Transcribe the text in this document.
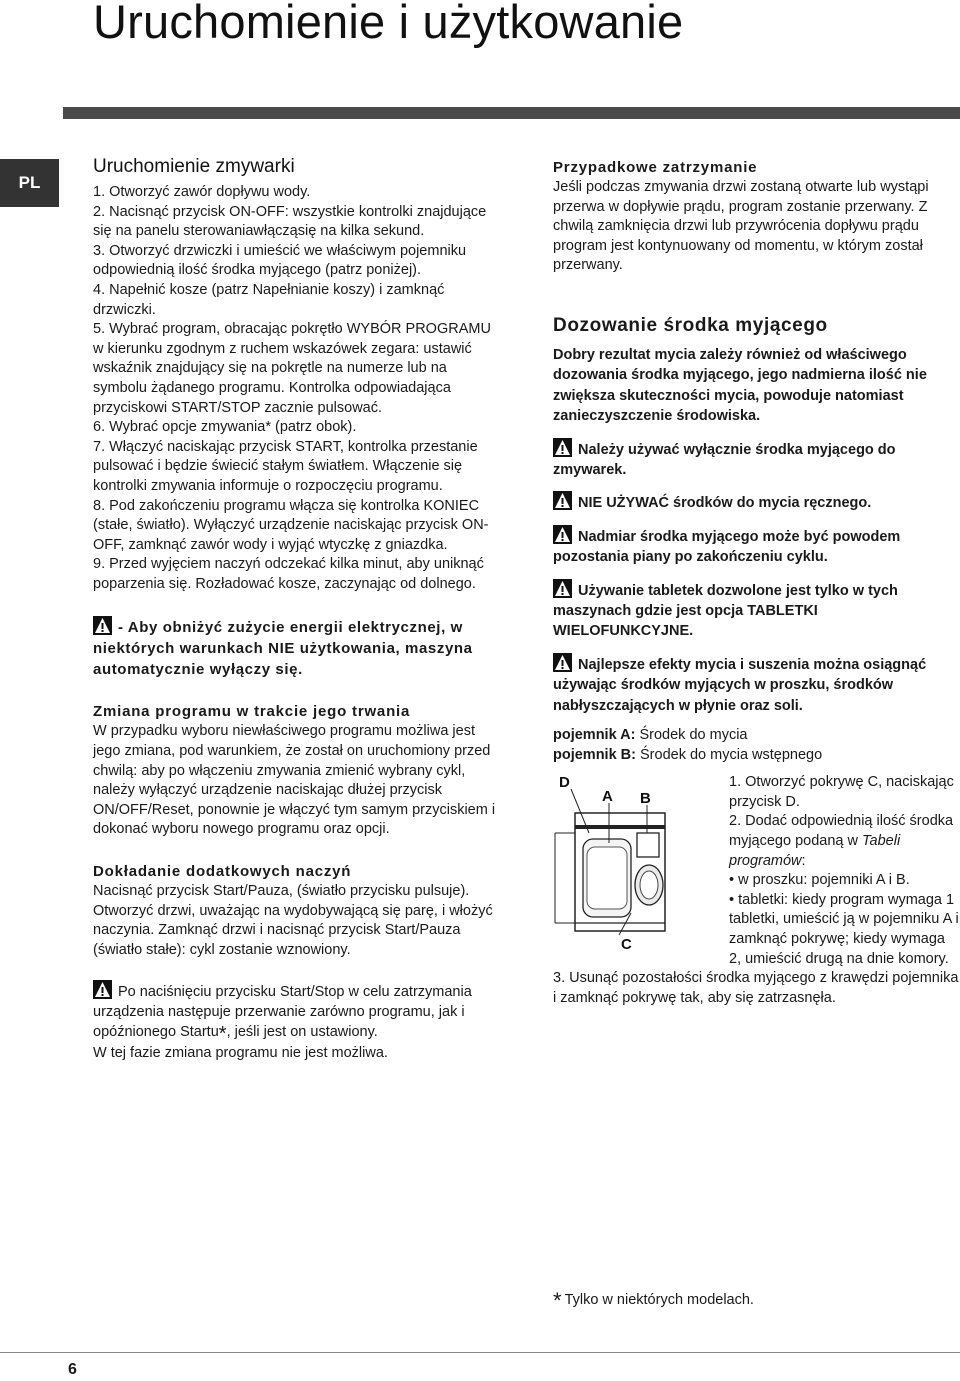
Uruchomienie i użytkowanie
PL
Uruchomienie zmywarki

1. Otworzyć zawór dopływu wody.

2. Nacisnąć przycisk ON-OFF: wszystkie kontrolki znajdujące się na panelu sterowaniawłącząsię na kilka sekund.

3. Otworzyć drzwiczki i umieścić we właściwym pojemniku odpowiednią ilość środka myjącego (patrz poniżej).

4. Napełnić kosze (patrz Napełnianie koszy) i zamknąć drzwiczki.

5. Wybrać program, obracając pokrętło WYBÓR PROGRAMU w kierunku zgodnym z ruchem wskazówek zegara: ustawić wskaźnik znajdujący się na pokrętle na numerze lub na symbolu żądanego programu. Kontrolka odpowiadająca przyciskowi START/STOP zacznie pulsować.

6. Wybrać opcje zmywania* (patrz obok).

7. Włączyć naciskając przycisk START, kontrolka przestanie pulsować i będzie świecić stałym światłem. Włączenie się kontrolki zmywania informuje o rozpoczęciu programu.

8. Pod zakończeniu programu włącza się kontrolka KONIEC (stałe, światło). Wyłączyć urządzenie naciskając przycisk ON-OFF, zamknąć zawór wody i wyjąć wtyczkę z gniazdka.

9. Przed wyjęciem naczyń odczekać kilka minut, aby uniknąć poparzenia się. Rozładować kosze, zaczynając od dolnego.

- Aby obniżyć zużycie energii elektrycznej, w niektórych warunkach NIE użytkowania, maszyna automatycznie wyłączy się.

Zmiana programu w trakcie jego trwania

W przypadku wyboru niewłaściwego programu możliwa jest jego zmiana, pod warunkiem, że został on uruchomiony przed chwilą: aby po włączeniu zmywania zmienić wybrany cykl, należy wyłączyć urządzenie naciskając dłużej przycisk ON/OFF/Reset, ponownie je włączyć tym samym przyciskiem i dokonać wyboru nowego programu oraz opcji.

Dokładanie dodatkowych naczyń

Nacisnąć przycisk Start/Pauza, (światło przycisku pulsuje). Otworzyć drzwi, uważając na wydobywającą się parę, i włożyć naczynia. Zamknąć drzwi i nacisnąć przycisk Start/Pauza (światło stałe): cykl zostanie wznowiony.

Po naciśnięciu przycisku Start/Stop w celu zatrzymania urządzenia następuje przerwanie zarówno programu, jak i opóźnionego Startu*, jeśli jest on ustawiony.

W tej fazie zmiana programu nie jest możliwa.

Przypadkowe zatrzymanie

Jeśli podczas zmywania drzwi zostaną otwarte lub wystąpi przerwa w dopływie prądu, program zostanie przerwany. Z chwilą zamknięcia drzwi lub przywrócenia dopływu prądu program jest kontynuowany od momentu, w którym został przerwany.

Dozowanie środka myjącego

Dobry rezultat mycia zależy również od właściwego dozowania środka myjącego, jego nadmierna ilość nie zwiększa skuteczności mycia, powoduje natomiast zanieczyszczenie środowiska.

Należy używać wyłącznie środka myjącego do zmywarek.

NIE UŻYWAĆ środków do mycia ręcznego.

Nadmiar środka myjącego może być powodem pozostania piany po zakończeniu cyklu.

Używanie tabletek dozwolone jest tylko w tych maszynach gdzie jest opcja TABLETKI WIELOFUNKCYJNE.

Najlepsze efekty mycia i suszenia można osiągnąć używając środków myjących w proszku, środków nabłyszczających w płynie oraz soli.

pojemnik A: Środek do mycia

pojemnik B: Środek do mycia wstępnego

D
A B
C

1. Otworzyć pokrywę C, naciskając przycisk D.

2. Dodać odpowiednią ilość środka myjącego podaną w Tabeli programów:

• w proszku: pojemniki A i B.

• tabletki: kiedy program wymaga 1 tabletki, umieścić ją w pojemniku A i zamknąć pokrywę; kiedy wymaga 2, umieścić drugą na dnie komory.

3. Usunąć pozostałości środka myjącego z krawędzi pojemnika i zamknąć pokrywę tak, aby się zatrzasnęła.

* Tylko w niektórych modelach.
6
